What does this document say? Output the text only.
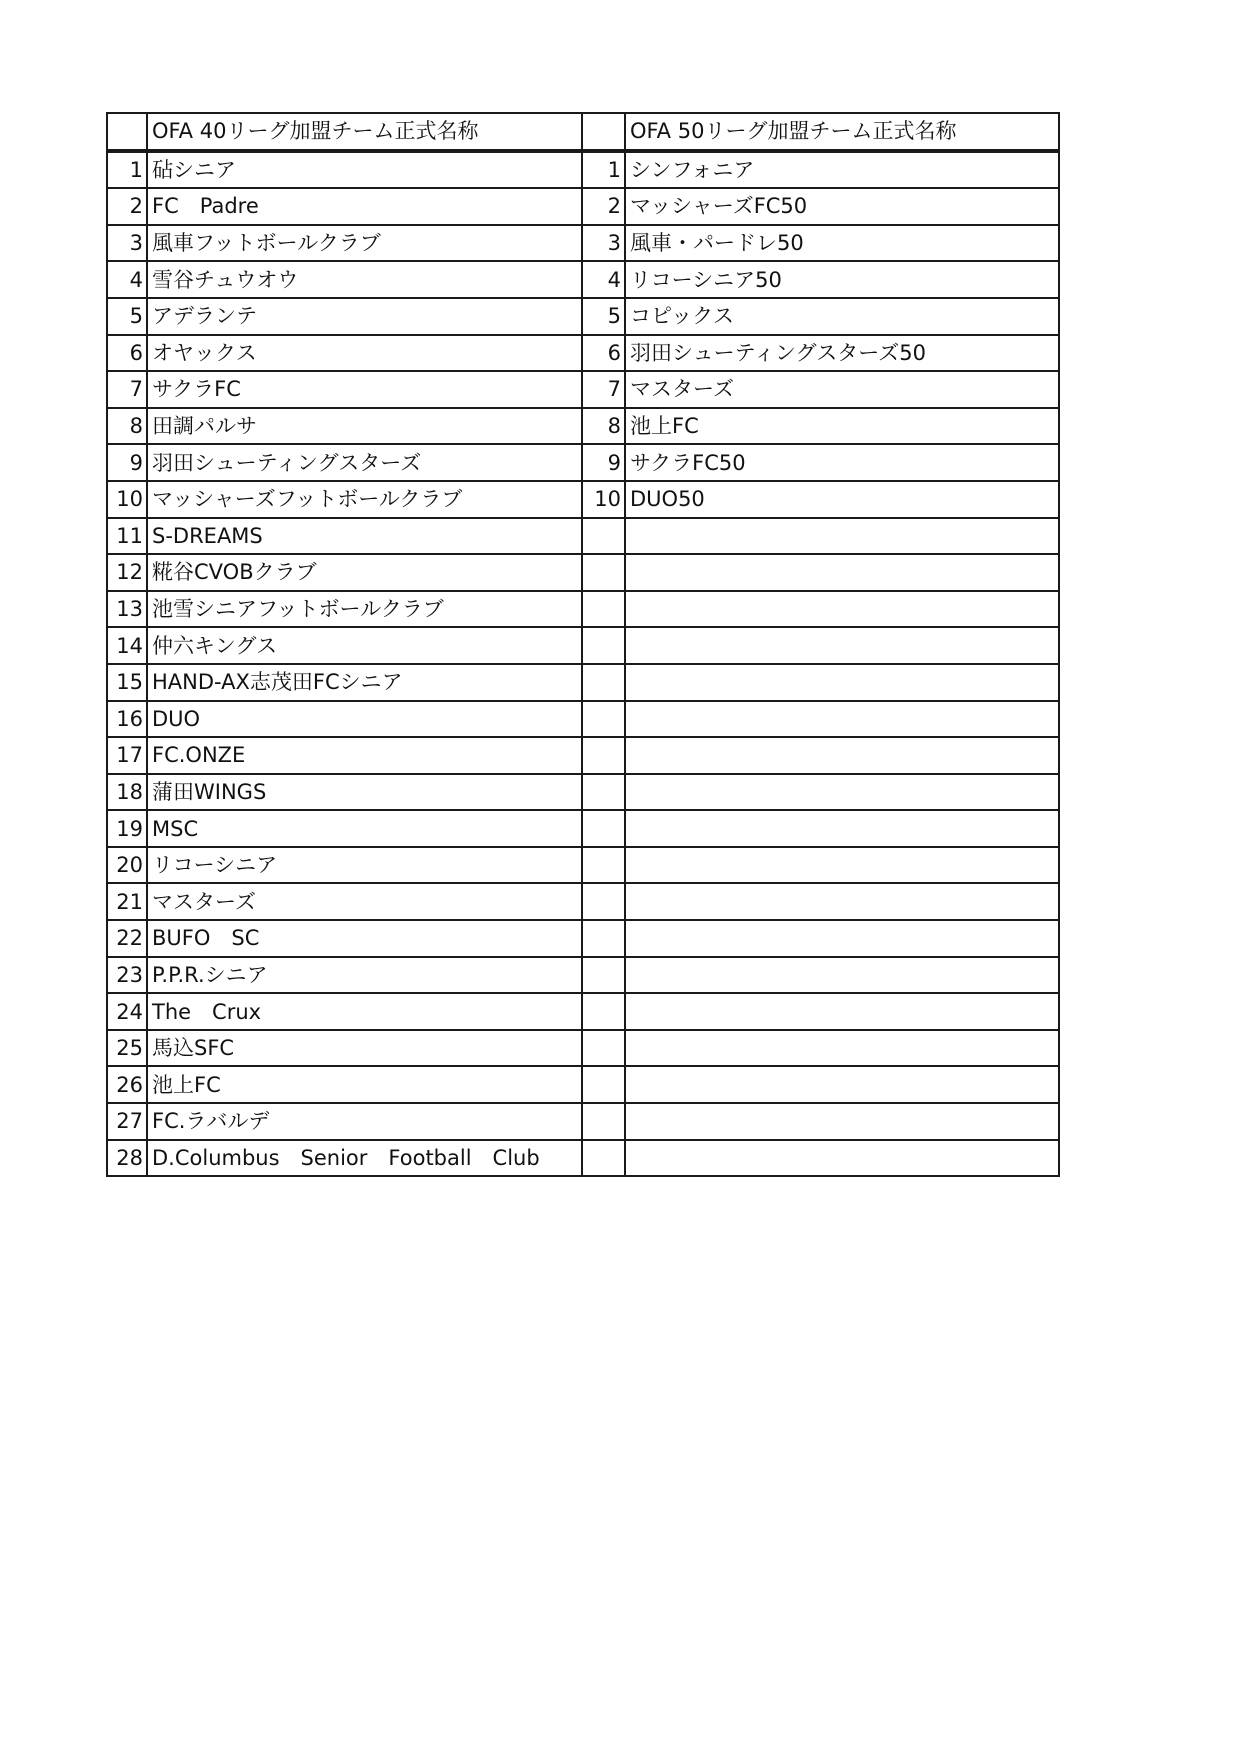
	OFA 40リーグ加盟チーム正式名称		OFA 50リーグ加盟チーム正式名称
1	砧シニア	1	シンフォニア
2	FC　Padre	2	マッシャーズFC50
3	風車フットボールクラブ	3	風車・パードレ50
4	雪谷チュウオウ	4	リコーシニア50
5	アデランテ	5	コピックス
6	オヤックス	6	羽田シューティングスターズ50
7	サクラFC	7	マスターズ
8	田調パルサ	8	池上FC
9	羽田シューティングスターズ	9	サクラFC50
10	マッシャーズフットボールクラブ	10	DUO50
11	S-DREAMS		
12	糀谷CVOBクラブ		
13	池雪シニアフットボールクラブ		
14	仲六キングス		
15	HAND-AX志茂田FCシニア		
16	DUO		
17	FC.ONZE		
18	蒲田WINGS		
19	MSC		
20	リコーシニア		
21	マスターズ		
22	BUFO　SC		
23	P.P.R.シニア		
24	The　Crux		
25	馬込SFC		
26	池上FC		
27	FC.ラバルデ		
28	D.Columbus　Senior　Football　Club		
